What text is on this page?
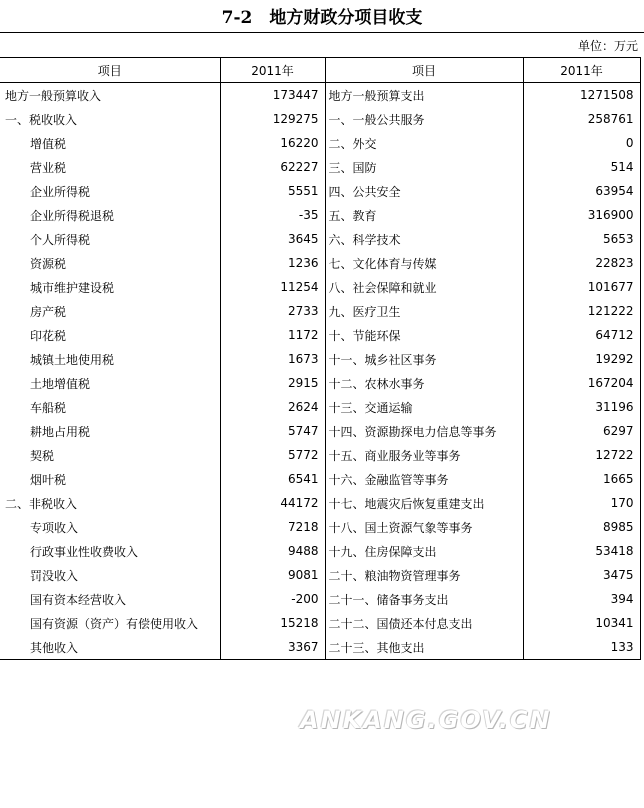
7-2　地方财政分项目收支
单位：万元
项目	2011年	项目	2011年
地方一般预算收入	173447	地方一般预算支出	1271508
一、税收收入	129275	一、一般公共服务	258761
增值税	16220	二、外交	0
营业税	62227	三、国防	514
企业所得税	5551	四、公共安全	63954
企业所得税退税	-35	五、教育	316900
个人所得税	3645	六、科学技术	5653
资源税	1236	七、文化体育与传媒	22823
城市维护建设税	11254	八、社会保障和就业	101677
房产税	2733	九、医疗卫生	121222
印花税	1172	十、节能环保	64712
城镇土地使用税	1673	十一、城乡社区事务	19292
土地增值税	2915	十二、农林水事务	167204
车船税	2624	十三、交通运输	31196
耕地占用税	5747	十四、资源勘探电力信息等事务	6297
契税	5772	十五、商业服务业等事务	12722
烟叶税	6541	十六、金融监管等事务	1665
二、非税收入	44172	十七、地震灾后恢复重建支出	170
专项收入	7218	十八、国土资源气象等事务	8985
行政事业性收费收入	9488	十九、住房保障支出	53418
罚没收入	9081	二十、粮油物资管理事务	3475
国有资本经营收入	-200	二十一、储备事务支出	394
国有资源（资产）有偿使用收入	15218	二十二、国债还本付息支出	10341
其他收入	3367	二十三、其他支出	133
ANKANG.GOV.CN
